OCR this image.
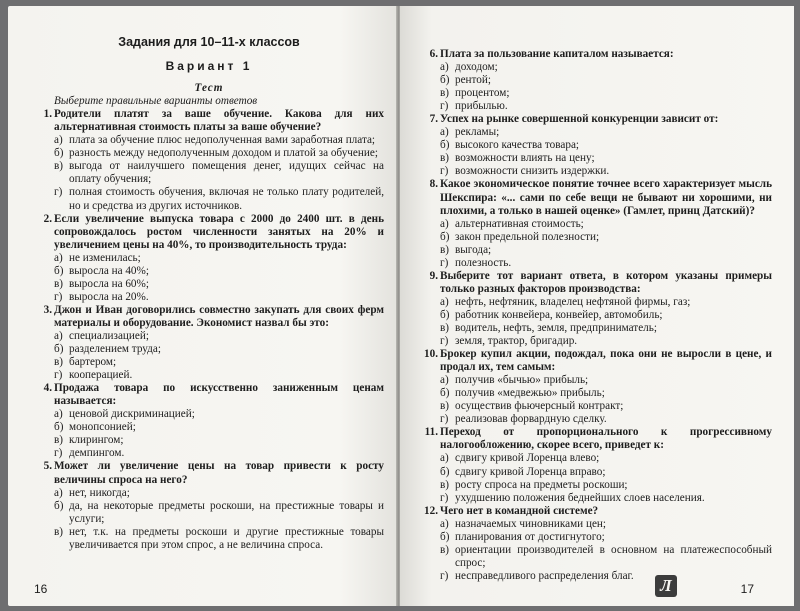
Задания для 10–11-х классов
Вариант 1
Тест
Выберите правильные варианты ответов
1. Родители платят за ваше обучение. Какова для них альтернативная стоимость платы за ваше обучение?
а) плата за обучение плюс недополученная вами заработная плата;
б) разность между недополученным доходом и платой за обучение;
в) выгода от наилучшего помещения денег, идущих сейчас на оплату обучения;
г) полная стоимость обучения, включая не только плату родителей, но и средства из других источников.
2. Если увеличение выпуска товара с 2000 до 2400 шт. в день сопровождалось ростом численности занятых на 20% и увеличением цены на 40%, то производительность труда:
а) не изменилась;
б) выросла на 40%;
в) выросла на 60%;
г) выросла на 20%.
3. Джон и Иван договорились совместно закупать для своих ферм материалы и оборудование. Экономист назвал бы это:
а) специализацией;
б) разделением труда;
в) бартером;
г) кооперацией.
4. Продажа товара по искусственно заниженным ценам называется:
а) ценовой дискриминацией;
б) монопсонией;
в) клирингом;
г) демпингом.
5. Может ли увеличение цены на товар привести к росту величины спроса на него?
а) нет, никогда;
б) да, на некоторые предметы роскоши, на престижные товары и услуги;
в) нет, т.к. на предметы роскоши и другие престижные товары увеличивается при этом спрос, а не величина спроса.
16
6. Плата за пользование капиталом называется:
а) доходом;
б) рентой;
в) процентом;
г) прибылью.
7. Успех на рынке совершенной конкуренции зависит от:
а) рекламы;
б) высокого качества товара;
в) возможности влиять на цену;
г) возможности снизить издержки.
8. Какое экономическое понятие точнее всего характеризует мысль Шекспира: «... сами по себе вещи не бывают ни хорошими, ни плохими, а только в нашей оценке» (Гамлет, принц Датский)?
а) альтернативная стоимость;
б) закон предельной полезности;
в) выгода;
г) полезность.
9. Выберите тот вариант ответа, в котором указаны примеры только разных факторов производства:
а) нефть, нефтяник, владелец нефтяной фирмы, газ;
б) работник конвейера, конвейер, автомобиль;
в) водитель, нефть, земля, предприниматель;
г) земля, трактор, бригадир.
10. Брокер купил акции, подождал, пока они не выросли в цене, и продал их, тем самым:
а) получив «бычью» прибыль;
б) получив «медвежью» прибыль;
в) осуществив фьючерсный контракт;
г) реализовав форвардную сделку.
11. Переход от пропорционального к прогрессивному налогообложению, скорее всего, приведет к:
а) сдвигу кривой Лоренца влево;
б) сдвигу кривой Лоренца вправо;
в) росту спроса на предметы роскоши;
г) ухудшению положения беднейших слоев населения.
12. Чего нет в командной системе?
а) назначаемых чиновниками цен;
б) планирования от достигнутого;
в) ориентации производителей в основном на платежеспособный спрос;
г) несправедливого распределения благ.
Л	17
